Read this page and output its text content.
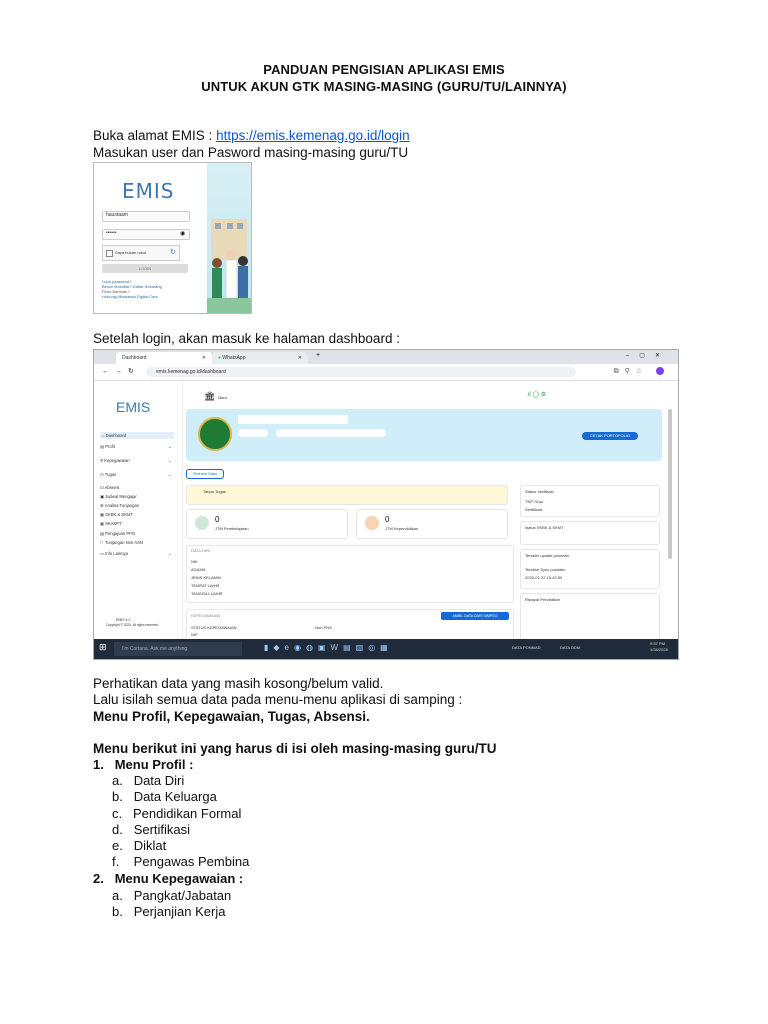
PANDUAN PENGISIAN APLIKASI EMIS
UNTUK AKUN GTK MASING-MASING (GURU/TU/LAINNYA)
Buka alamat EMIS : https://emis.kemenag.go.id/login
Masukan user dan Pasword masing-masing guru/TU
EMIS
haustaam
••••••	◉
Saya bukan robot	↻
LOGIN
Lupa password?
Belum terdaftar? Daftar Sekarang
Perlu Bantuan?
Hubungi Madrasah Digital Care
Setelah login, akan masuk ke halaman dashboard :
Dashboard	✕	● WhatsApp	✕ +	–▢✕
←→↻	emis.kemenag.go.id/dashboard	⧉⚲☆
EMIS
⌂ Dashboard
▤ Profil	⌄
⚲ Kepegawaian	⌄
◷ Tugas	⌄
⊡ Absensi
▣ Jadwal Mengajar
⚙ Analisa Tunjangan
▦ SKBK & SKMT
▦ SKAKPT
▤ Pengajuan PPG
⚐ Tunjangan Non ASN
▭ Info Lainnya	⌄
EMIS 4.0
Copyright © 2025. All rights reserved.
🏛 Guru	.ıl ◯ ⚙
CETAK PORTOFOLIO
Refresh Data
Tanpa Tugas
0
JTM Pembelajaran
0
JTM Kependidikan
DATA DIRI
NIK
AGAMA
JENIS KELAMIN
TEMPAT LAHIR
TANGGAL LAHIR
KEPEGAWAIAN	AMBIL DATA DARI SIMPEG
STATUS KEPEGAWAIAN	: Non PNS
NIP
Status Verifikasi
TMT Guru
Sertifikasi
status SKBK & SKMT
Terakhir update pusdatin
Terakhir Sync pusdatin
2025-01-22 15:43:50
Riwayat Pendidikan
⊞	I'm Cortana. Ask me anything.	▮◆e◉◍▣W▤▧◎▦	DATA PONMAD	DATA DDM
9:57 PM
1/28/2025
Perhatikan data yang masih kosong/belum valid.
Lalu isilah semua data pada menu-menu aplikasi di samping :
Menu Profil, Kepegawaian, Tugas, Absensi.
Menu berikut ini yang harus di isi oleh masing-masing guru/TU
1.   Menu Profil :
a.   Data Diri
b.   Data Keluarga
c.   Pendidikan Formal
d.   Sertifikasi
e.   Diklat
f.    Pengawas Pembina
2.   Menu Kepegawaian :
a.   Pangkat/Jabatan
b.   Perjanjian Kerja
